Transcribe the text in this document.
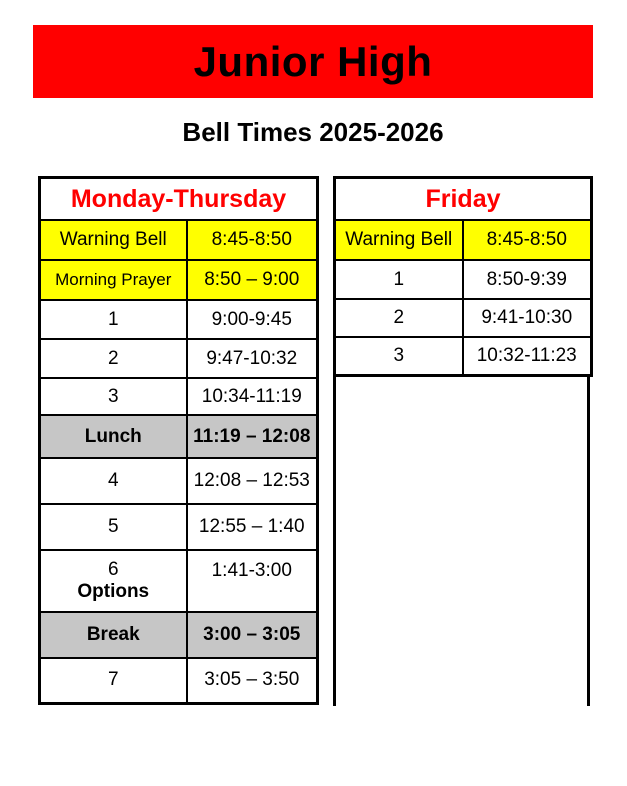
Junior High
Bell Times 2025-2026
Monday-Thursday	
Warning Bell	8:45-8:50
Morning Prayer	8:50 – 9:00
1	9:00-9:45
2	9:47-10:32
3	10:34-11:19
Lunch	11:19 – 12:08
4	12:08 – 12:53
5	12:55 – 1:40

6
Options	1:41-3:00
Break	3:00 – 3:05
7	3:05 – 3:50
Friday	
Warning Bell	8:45-8:50
1	8:50-9:39
2	9:41-10:30
3	10:32-11:23
